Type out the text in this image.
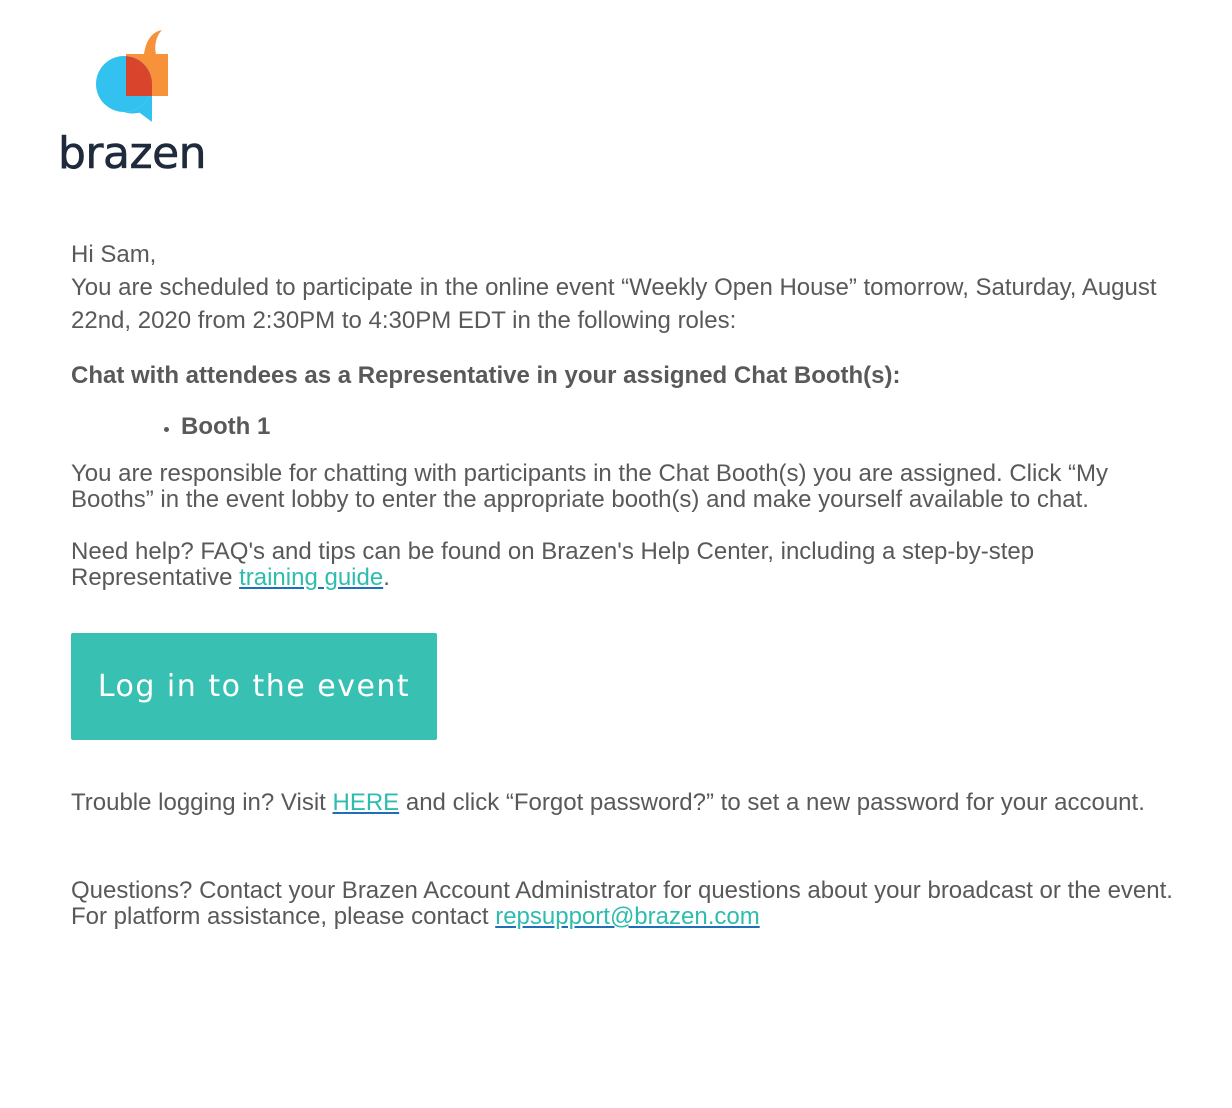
brazen

Hi Sam,

You are scheduled to participate in the online event “Weekly Open House” tomorrow, Saturday, August 22nd, 2020 from 2:30PM to 4:30PM EDT in the following roles:

Chat with attendees as a Representative in your assigned Chat Booth(s):

• Booth 1

You are responsible for chatting with participants in the Chat Booth(s) you are assigned. Click “My Booths” in the event lobby to enter the appropriate booth(s) and make yourself available to chat.

Need help? FAQ's and tips can be found on Brazen's Help Center, including a step-by-step Representative training guide.

Log in to the event

Trouble logging in? Visit HERE and click “Forgot password?” to set a new password for your account.

Questions? Contact your Brazen Account Administrator for questions about your broadcast or the event. For platform assistance, please contact repsupport@brazen.com
